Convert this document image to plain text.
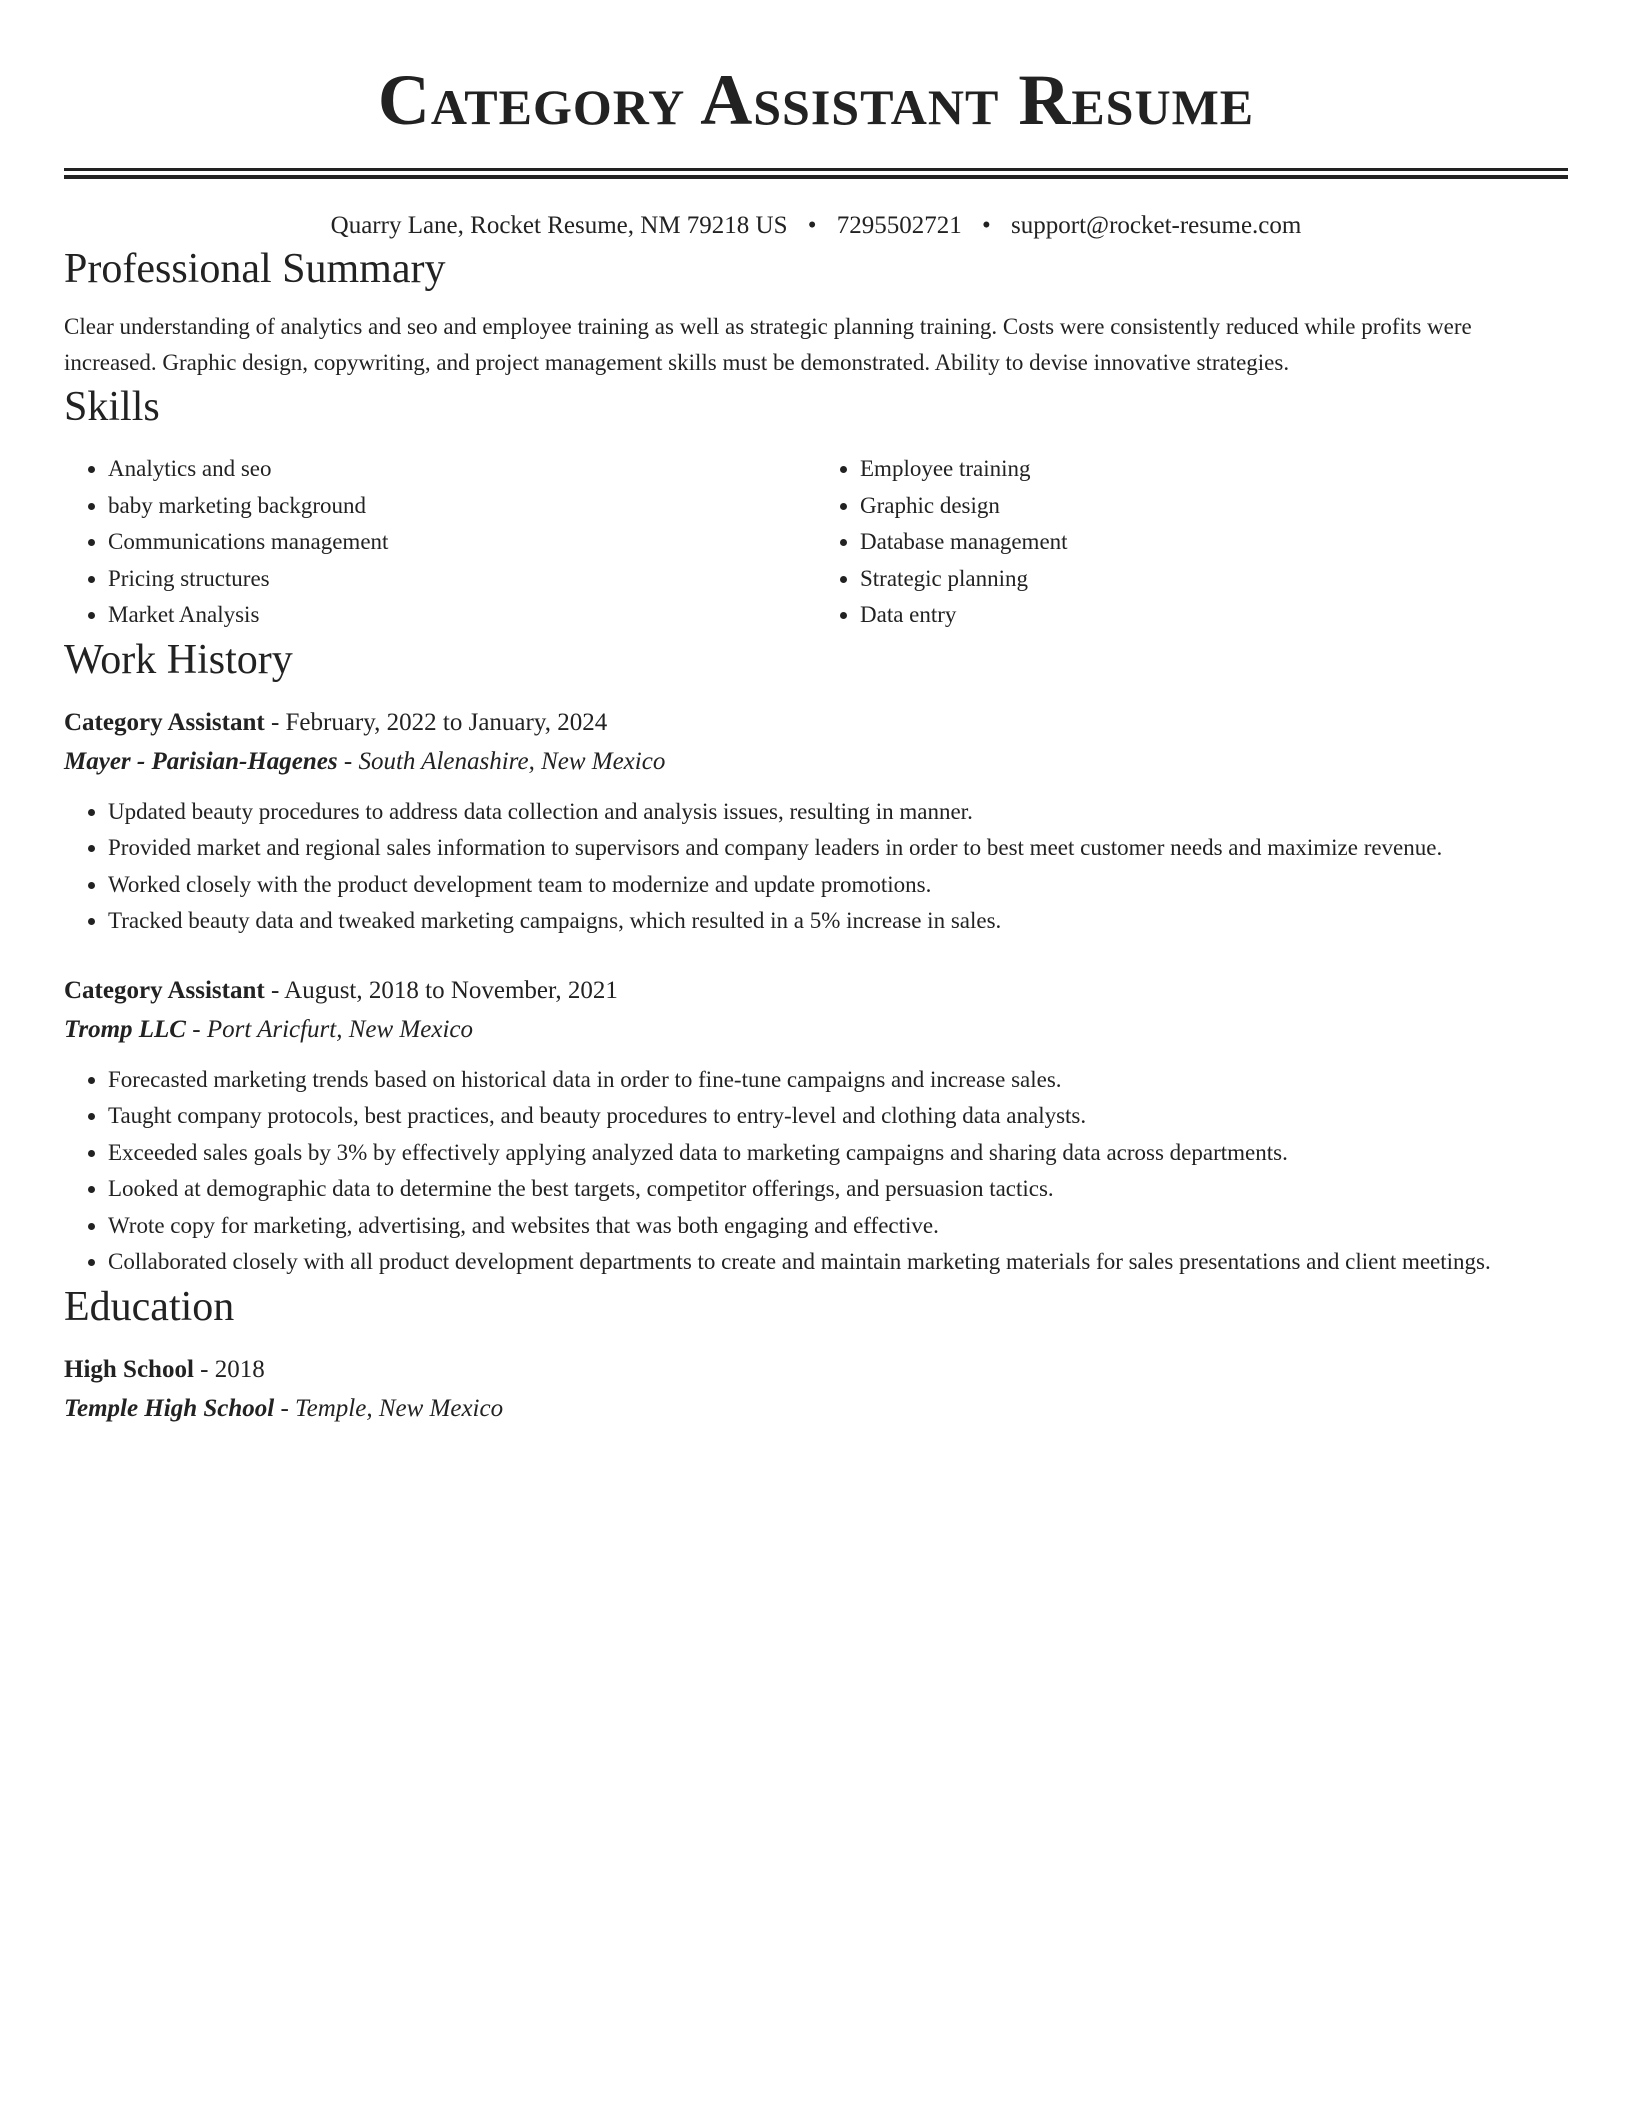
Category Assistant Resume
Quarry Lane, Rocket Resume, NM 79218 US • 7295502721 • support@rocket-resume.com
Professional Summary
Clear understanding of analytics and seo and employee training as well as strategic planning training. Costs were consistently reduced while profits were increased. Graphic design, copywriting, and project management skills must be demonstrated. Ability to devise innovative strategies.
Skills
• Analytics and seo
• baby marketing background
• Communications management
• Pricing structures
• Market Analysis
• Employee training
• Graphic design
• Database management
• Strategic planning
• Data entry
Work History
Category Assistant - February, 2022 to January, 2024
Mayer - Parisian-Hagenes - South Alenashire, New Mexico
• Updated beauty procedures to address data collection and analysis issues, resulting in manner.
• Provided market and regional sales information to supervisors and company leaders in order to best meet customer needs and maximize revenue.
• Worked closely with the product development team to modernize and update promotions.
• Tracked beauty data and tweaked marketing campaigns, which resulted in a 5% increase in sales.
Category Assistant - August, 2018 to November, 2021
Tromp LLC - Port Aricfurt, New Mexico
• Forecasted marketing trends based on historical data in order to fine-tune campaigns and increase sales.
• Taught company protocols, best practices, and beauty procedures to entry-level and clothing data analysts.
• Exceeded sales goals by 3% by effectively applying analyzed data to marketing campaigns and sharing data across departments.
• Looked at demographic data to determine the best targets, competitor offerings, and persuasion tactics.
• Wrote copy for marketing, advertising, and websites that was both engaging and effective.
• Collaborated closely with all product development departments to create and maintain marketing materials for sales presentations and client meetings.
Education
High School - 2018
Temple High School - Temple, New Mexico
